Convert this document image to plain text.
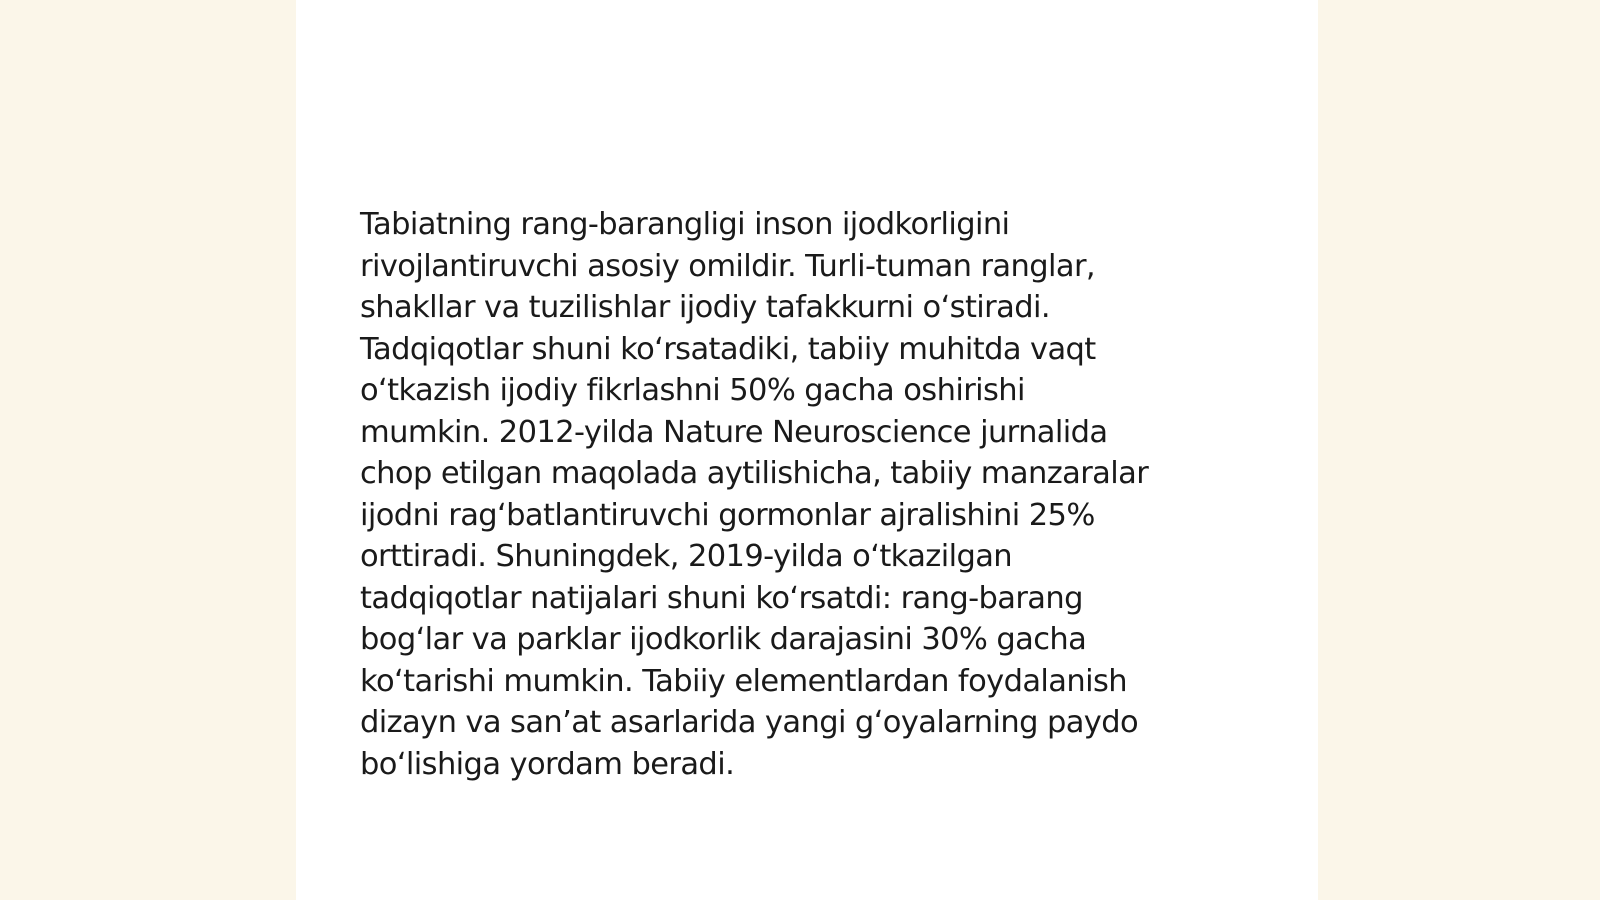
Tabiatning rang-barangligi inson ijodkorligini
rivojlantiruvchi asosiy omildir. Turli-tuman ranglar,
shakllar va tuzilishlar ijodiy tafakkurni o‘stiradi.
Tadqiqotlar shuni ko‘rsatadiki, tabiiy muhitda vaqt
o‘tkazish ijodiy fikrlashni 50% gacha oshirishi
mumkin. 2012-yilda Nature Neuroscience jurnalida
chop etilgan maqolada aytilishicha, tabiiy manzaralar
ijodni rag‘batlantiruvchi gormonlar ajralishini 25%
orttiradi. Shuningdek, 2019-yilda o‘tkazilgan
tadqiqotlar natijalari shuni ko‘rsatdi: rang-barang
bog‘lar va parklar ijodkorlik darajasini 30% gacha
ko‘tarishi mumkin. Tabiiy elementlardan foydalanish
dizayn va san’at asarlarida yangi g‘oyalarning paydo
bo‘lishiga yordam beradi.
